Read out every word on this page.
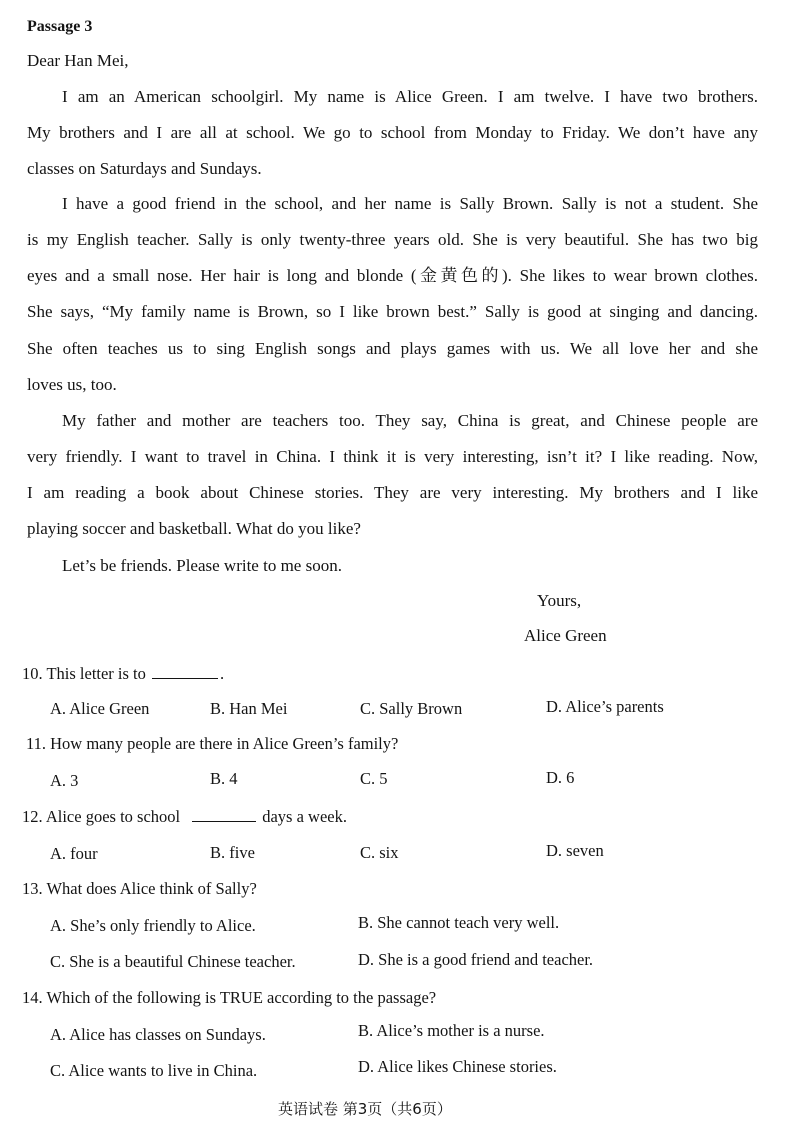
Passage 3
Dear Han Mei,
I am an American schoolgirl. My name is Alice Green. I am twelve. I have two brothers.
My brothers and I are all at school. We go to school from Monday to Friday. We don’t have any
classes on Saturdays and Sundays.
I have a good friend in the school, and her name is Sally Brown. Sally is not a student. She
is my English teacher. Sally is only twenty-three years old. She is very beautiful. She has two big
eyes and a small nose. Her hair is long and blonde (金黄色的). She likes to wear brown clothes.
She says, “My family name is Brown, so I like brown best.” Sally is good at singing and dancing.
She often teaches us to sing English songs and plays games with us. We all love her and she
loves us, too.
My father and mother are teachers too. They say, China is great, and Chinese people are
very friendly. I want to travel in China. I think it is very interesting, isn’t it? I like reading. Now,
I am reading a book about Chinese stories. They are very interesting. My brothers and I like
playing soccer and basketball. What do you like?
Let’s be friends. Please write to me soon.
Yours,
Alice Green
10. This letter is to	.
A. Alice Green	B. Han Mei	C. Sally Brown	D. Alice’s parents
11. How many people are there in Alice Green’s family?
A. 3	B. 4	C. 5	D. 6
12. Alice goes to school	days a week.
A. four	B. five	C. six	D. seven
13. What does Alice think of Sally?
A. She’s only friendly to Alice.	B. She cannot teach very well.
C. She is a beautiful Chinese teacher.	D. She is a good friend and teacher.
14. Which of the following is TRUE according to the passage?
A. Alice has classes on Sundays.	B. Alice’s mother is a nurse.
C. Alice wants to live in China.	D. Alice likes Chinese stories.
英语试卷 第3页（共6页）
